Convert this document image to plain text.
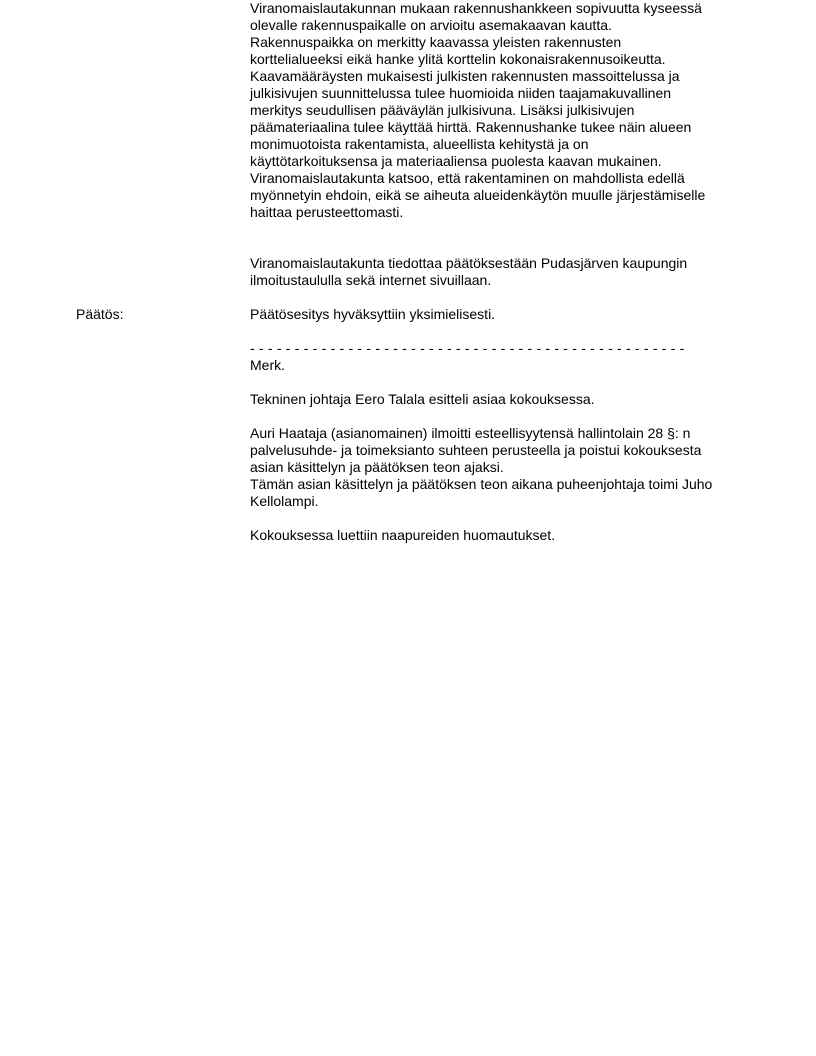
Viranomaislautakunnan mukaan rakennushankkeen sopivuutta kyseessä
olevalle rakennuspaikalle on arvioitu asemakaavan kautta.
Rakennuspaikka on merkitty kaavassa yleisten rakennusten
korttelialueeksi eikä hanke ylitä korttelin kokonaisrakennusoikeutta.
Kaavamääräysten mukaisesti julkisten rakennusten massoittelussa ja
julkisivujen suunnittelussa tulee huomioida niiden taajamakuvallinen
merkitys seudullisen pääväylän julkisivuna. Lisäksi julkisivujen
päämateriaalina tulee käyttää hirttä. Rakennushanke tukee näin alueen
monimuotoista rakentamista, alueellista kehitystä ja on
käyttötarkoituksensa ja materiaaliensa puolesta kaavan mukainen.
Viranomaislautakunta katsoo, että rakentaminen on mahdollista edellä
myönnetyin ehdoin, eikä se aiheuta alueidenkäytön muulle järjestämiselle
haittaa perusteettomasti.
Viranomaislautakunta tiedottaa päätöksestään Pudasjärven kaupungin
ilmoitustaululla sekä internet sivuillaan.
Päätös:	Päätösesitys hyväksyttiin yksimielisesti.
- - - - - - - - - - - - - - - - - - - - - - - - - - - - - - - - - - - - - - - - - - - - - - - - -
Merk.
Tekninen johtaja Eero Talala esitteli asiaa kokouksessa.
Auri Haataja (asianomainen) ilmoitti esteellisyytensä hallintolain 28 §: n
palvelusuhde- ja toimeksianto suhteen perusteella ja poistui kokouksesta
asian käsittelyn ja päätöksen teon ajaksi.
Tämän asian käsittelyn ja päätöksen teon aikana puheenjohtaja toimi Juho
Kellolampi.
Kokouksessa luettiin naapureiden huomautukset.
